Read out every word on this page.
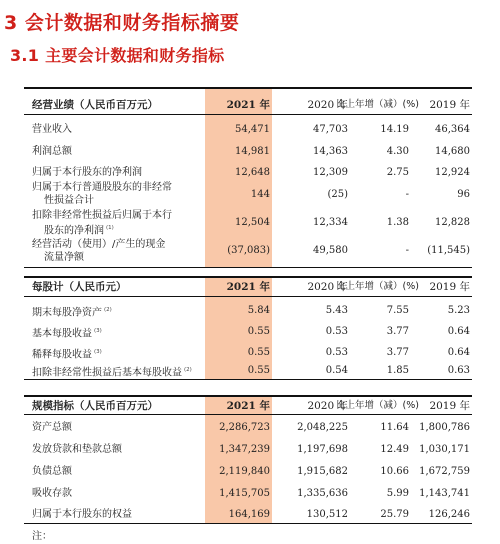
3 会计数据和财务指标摘要
3.1 主要会计数据和财务指标
经营业绩（人民币百万元）	2021 年	2020 年
比上年增（减）(%) 2019 年
营业收入	54,471	47,703	14.19	46,364
利润总额	14,981	14,363	4.30	14,680
归属于本行股东的净利润	12,648	12,309	2.75	12,924
归属于本行普通股股东的非经常
性损益合计
144	(25)	-	96
扣除非经常性损益后归属于本行
股东的净利润 $^{(1)}$	12,504	12,334	1.38	12,828
经营活动（使用）/产生的现金
流量净额
(37,083)	49,580	-	(11,545)
每股计（人民币元）	2021 年	2020 年
比上年增（减）(%) 2019 年
期末每股净资产 $^{(2)}$	5.84	5.43	7.55	5.23
基本每股收益 $^{(3)}$	0.55	0.53	3.77	0.64
稀释每股收益 $^{(3)}$	0.55	0.53	3.77	0.64
扣除非经常性损益后基本每股收益 $^{(2)}$	0.55	0.54	1.85	0.63
规模指标（人民币百万元）	2021 年	2020 年
比上年增（减）(%) 2019 年
资产总额	2,286,723	2,048,225	11.64	1,800,786
发放贷款和垫款总额	1,347,239	1,197,698	12.49	1,030,171
负债总额	2,119,840	1,915,682	10.66	1,672,759
吸收存款	1,415,705	1,335,636	5.99	1,143,741
归属于本行股东的权益	164,169	130,512	25.79	126,246
注：
